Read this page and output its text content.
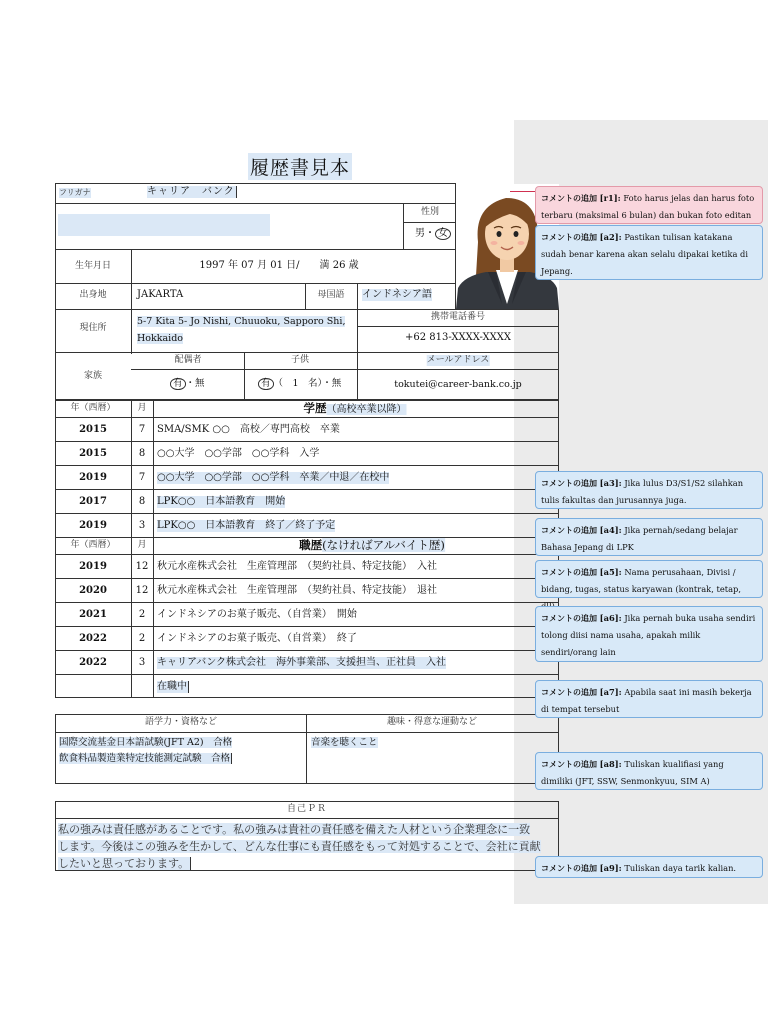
履歴書見本
フリガナ	キャリア　バンク
性別
男・ 女
生年月日	1997 年 07 月 01 日/　　満 26 歳
出身地	JAKARTA	母国語 インドネシア語
現住所
5-7 Kita 5- Jo Nishi, Chuuoku, Sapporo Shi,
Hokkaido
携帯電話番号
+62 813-XXXX-XXXX
家族
配偶者	子供
有 ・無	有 （　1　名）・無
メールアドレス
tokutei@career-bank.co.jp
年（西暦） 月	学歴（高校卒業以降）
2015	7 SMA/SMK ○○　高校／専門高校　卒業
2015	8 ○○大学　○○学部　○○学科　入学
2019	7 ○○大学　○○学部　○○学科　卒業／中退／在校中
2017	8 LPK○○　日本語教育　開始
2019	3 LPK○○　日本語教育　終了／終了予定
年（西暦） 月	職歴(なければアルバイト歴)
2019	12 秋元水産株式会社　生産管理部　（契約社員、特定技能）　入社
2020	12 秋元水産株式会社　生産管理部　（契約社員、特定技能）　退社
2021	2 インドネシアのお菓子販売、（自営業）　開始
2022	2 インドネシアのお菓子販売、（自営業）　終了
2022	3 キャリアバンク株式会社　海外事業部、支援担当、正社員　入社
在職中
語学力・資格など	趣味・得意な運動など
国際交流基金日本語試験(JFT A2)　合格
飲食料品製造業特定技能測定試験　合格
音楽を聴くこと
自己ＰＲ
私の強みは責任感があることです。私の強みは貴社の責任感を備えた人材という企業理念に一致
します。今後はこの強みを生かして、どんな仕事にも責任感をもって対処することで、会社に貢献
したいと思っております。
コメントの追加 [r1]: Foto harus jelas dan harus foto terbaru (maksimal 6 bulan) dan bukan foto editan
コメントの追加 [a2]: Pastikan tulisan katakana sudah benar karena akan selalu dipakai ketika di Jepang.
コメントの追加 [a3]: Jika lulus D3/S1/S2 silahkan tulis fakultas dan jurusannya juga.
コメントの追加 [a4]: Jika pernah/sedang belajar Bahasa Jepang di LPK
コメントの追加 [a5]: Nama perusahaan, Divisi / bidang, tugas, status karyawan (kontrak, tetap,
コメントの追加 [a6]: Jika pernah buka usaha sendiri tolong diisi nama usaha, apakah milik sendiri/orang lain
コメントの追加 [a7]: Apabila saat ini masih bekerja di tempat tersebut
コメントの追加 [a8]: Tuliskan kualifiasi yang dimiliki (JFT, SSW, Senmonkyuu, SIM A)
コメントの追加 [a9]: Tuliskan daya tarik kalian.
